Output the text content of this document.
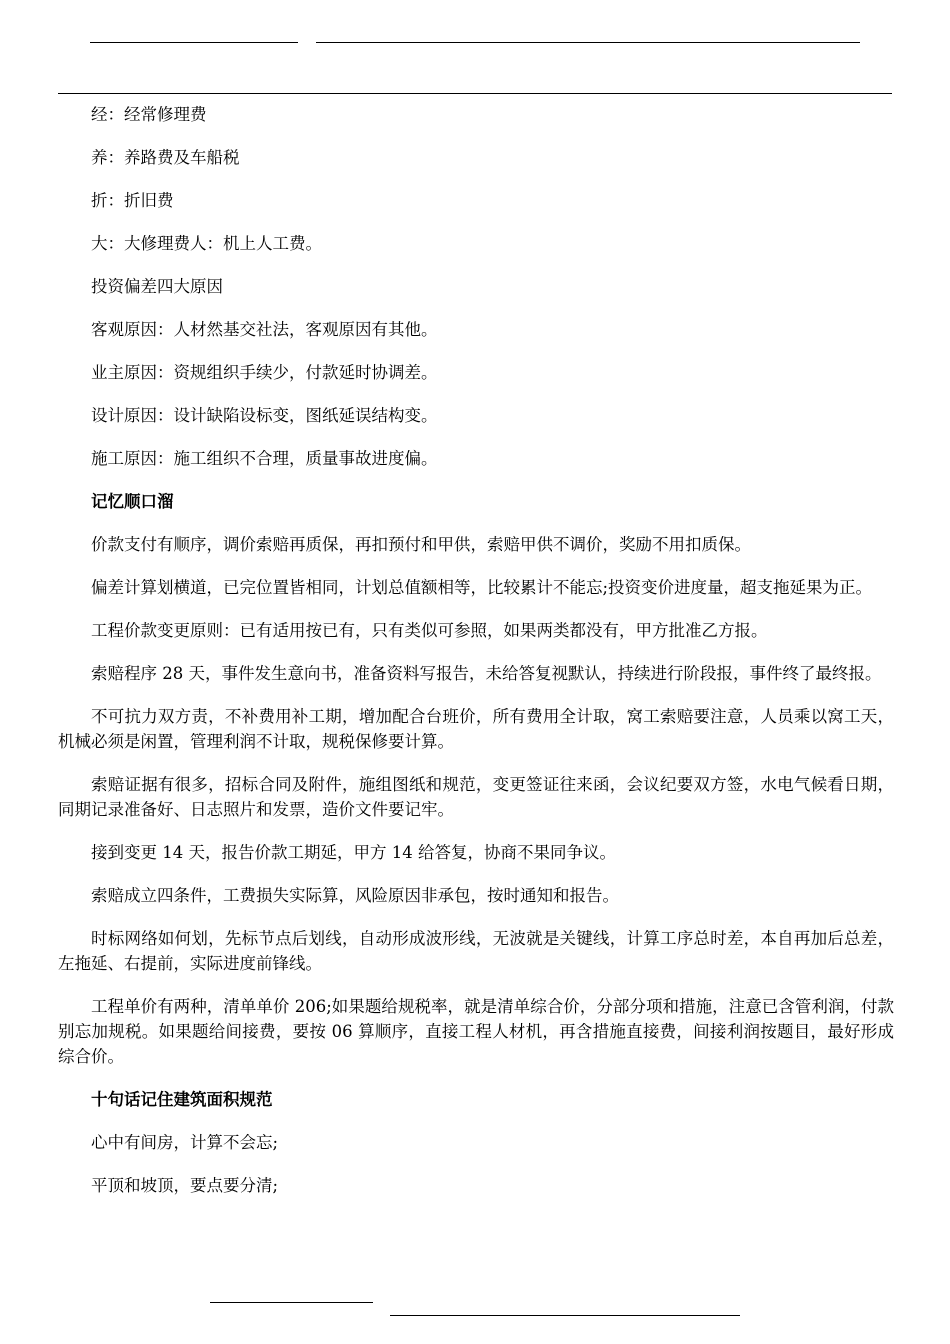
经：经常修理费

养：养路费及车船税

折：折旧费

大：大修理费人：机上人工费。

投资偏差四大原因

客观原因：人材然基交社法，客观原因有其他。

业主原因：资规组织手续少，付款延时协调差。

设计原因：设计缺陷设标变，图纸延误结构变。

施工原因：施工组织不合理，质量事故进度偏。

记忆顺口溜

价款支付有顺序，调价索赔再质保，再扣预付和甲供，索赔甲供不调价，奖励不用扣质保。

偏差计算划横道，已完位置皆相同，计划总值额相等，比较累计不能忘;投资变价进度量，超支拖延果为正。

工程价款变更原则：已有适用按已有，只有类似可参照，如果两类都没有，甲方批准乙方报。

索赔程序 28 天，事件发生意向书，准备资料写报告，未给答复视默认，持续进行阶段报，事件终了最终报。

不可抗力双方责，不补费用补工期，增加配合台班价，所有费用全计取，窝工索赔要注意，人员乘以窝工天，机械必须是闲置，管理利润不计取，规税保修要计算。

索赔证据有很多，招标合同及附件，施组图纸和规范，变更签证往来函，会议纪要双方签，水电气候看日期，同期记录准备好、日志照片和发票，造价文件要记牢。

接到变更 14 天，报告价款工期延，甲方 14 给答复，协商不果同争议。

索赔成立四条件，工费损失实际算，风险原因非承包，按时通知和报告。

时标网络如何划，先标节点后划线，自动形成波形线，无波就是关键线，计算工序总时差，本自再加后总差，左拖延、右提前，实际进度前锋线。

工程单价有两种，清单单价 206;如果题给规税率，就是清单综合价，分部分项和措施，注意已含管利润，付款别忘加规税。如果题给间接费，要按 06 算顺序，直接工程人材机，再含措施直接费，间接利润按题目，最好形成综合价。

十句话记住建筑面积规范

心中有间房，计算不会忘;

平顶和坡顶，要点要分清;
